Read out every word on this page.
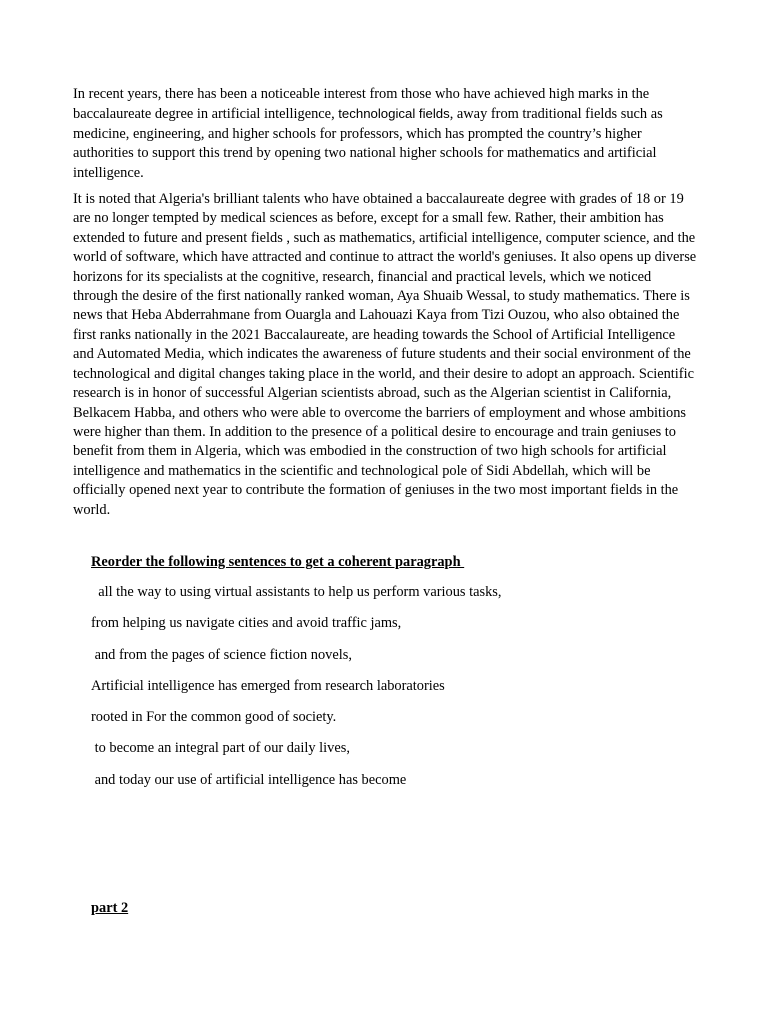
In recent years, there has been a noticeable interest from those who have achieved high marks in the baccalaureate degree in artificial intelligence, technological fields, away from traditional fields such as medicine, engineering, and higher schools for professors, which has prompted the country’s higher authorities to support this trend by opening two national higher schools for mathematics and artificial intelligence.

It is noted that Algeria's brilliant talents who have obtained a baccalaureate degree with grades of 18 or 19 are no longer tempted by medical sciences as before, except for a small few. Rather, their ambition has extended to future and present fields , such as mathematics, artificial intelligence, computer science, and the world of software, which have attracted and continue to attract the world's geniuses. It also opens up diverse horizons for its specialists at the cognitive, research, financial and practical levels, which we noticed through the desire of the first nationally ranked woman, Aya Shuaib Wessal, to study mathematics. There is news that Heba Abderrahmane from Ouargla and Lahouazi Kaya from Tizi Ouzou, who also obtained the first ranks nationally in the 2021 Baccalaureate, are heading towards the School of Artificial Intelligence and Automated Media, which indicates the awareness of future students and their social environment of the technological and digital changes taking place in the world, and their desire to adopt an approach. Scientific research is in honor of successful Algerian scientists abroad, such as the Algerian scientist in California, Belkacem Habba, and others who were able to overcome the barriers of employment and whose ambitions were higher than them. In addition to the presence of a political desire to encourage and train geniuses to benefit from them in Algeria, which was embodied in the construction of two high schools for artificial intelligence and mathematics in the scientific and technological pole of Sidi Abdellah, which will be officially opened next year to contribute the formation of geniuses in the two most important fields in the world.

Reorder the following sentences to get a coherent paragraph
all the way to using virtual assistants to help us perform various tasks,
from helping us navigate cities and avoid traffic jams,
and from the pages of science fiction novels,
Artificial intelligence has emerged from research laboratories
rooted in For the common good of society.
to become an integral part of our daily lives,
and today our use of artificial intelligence has become
part 2
